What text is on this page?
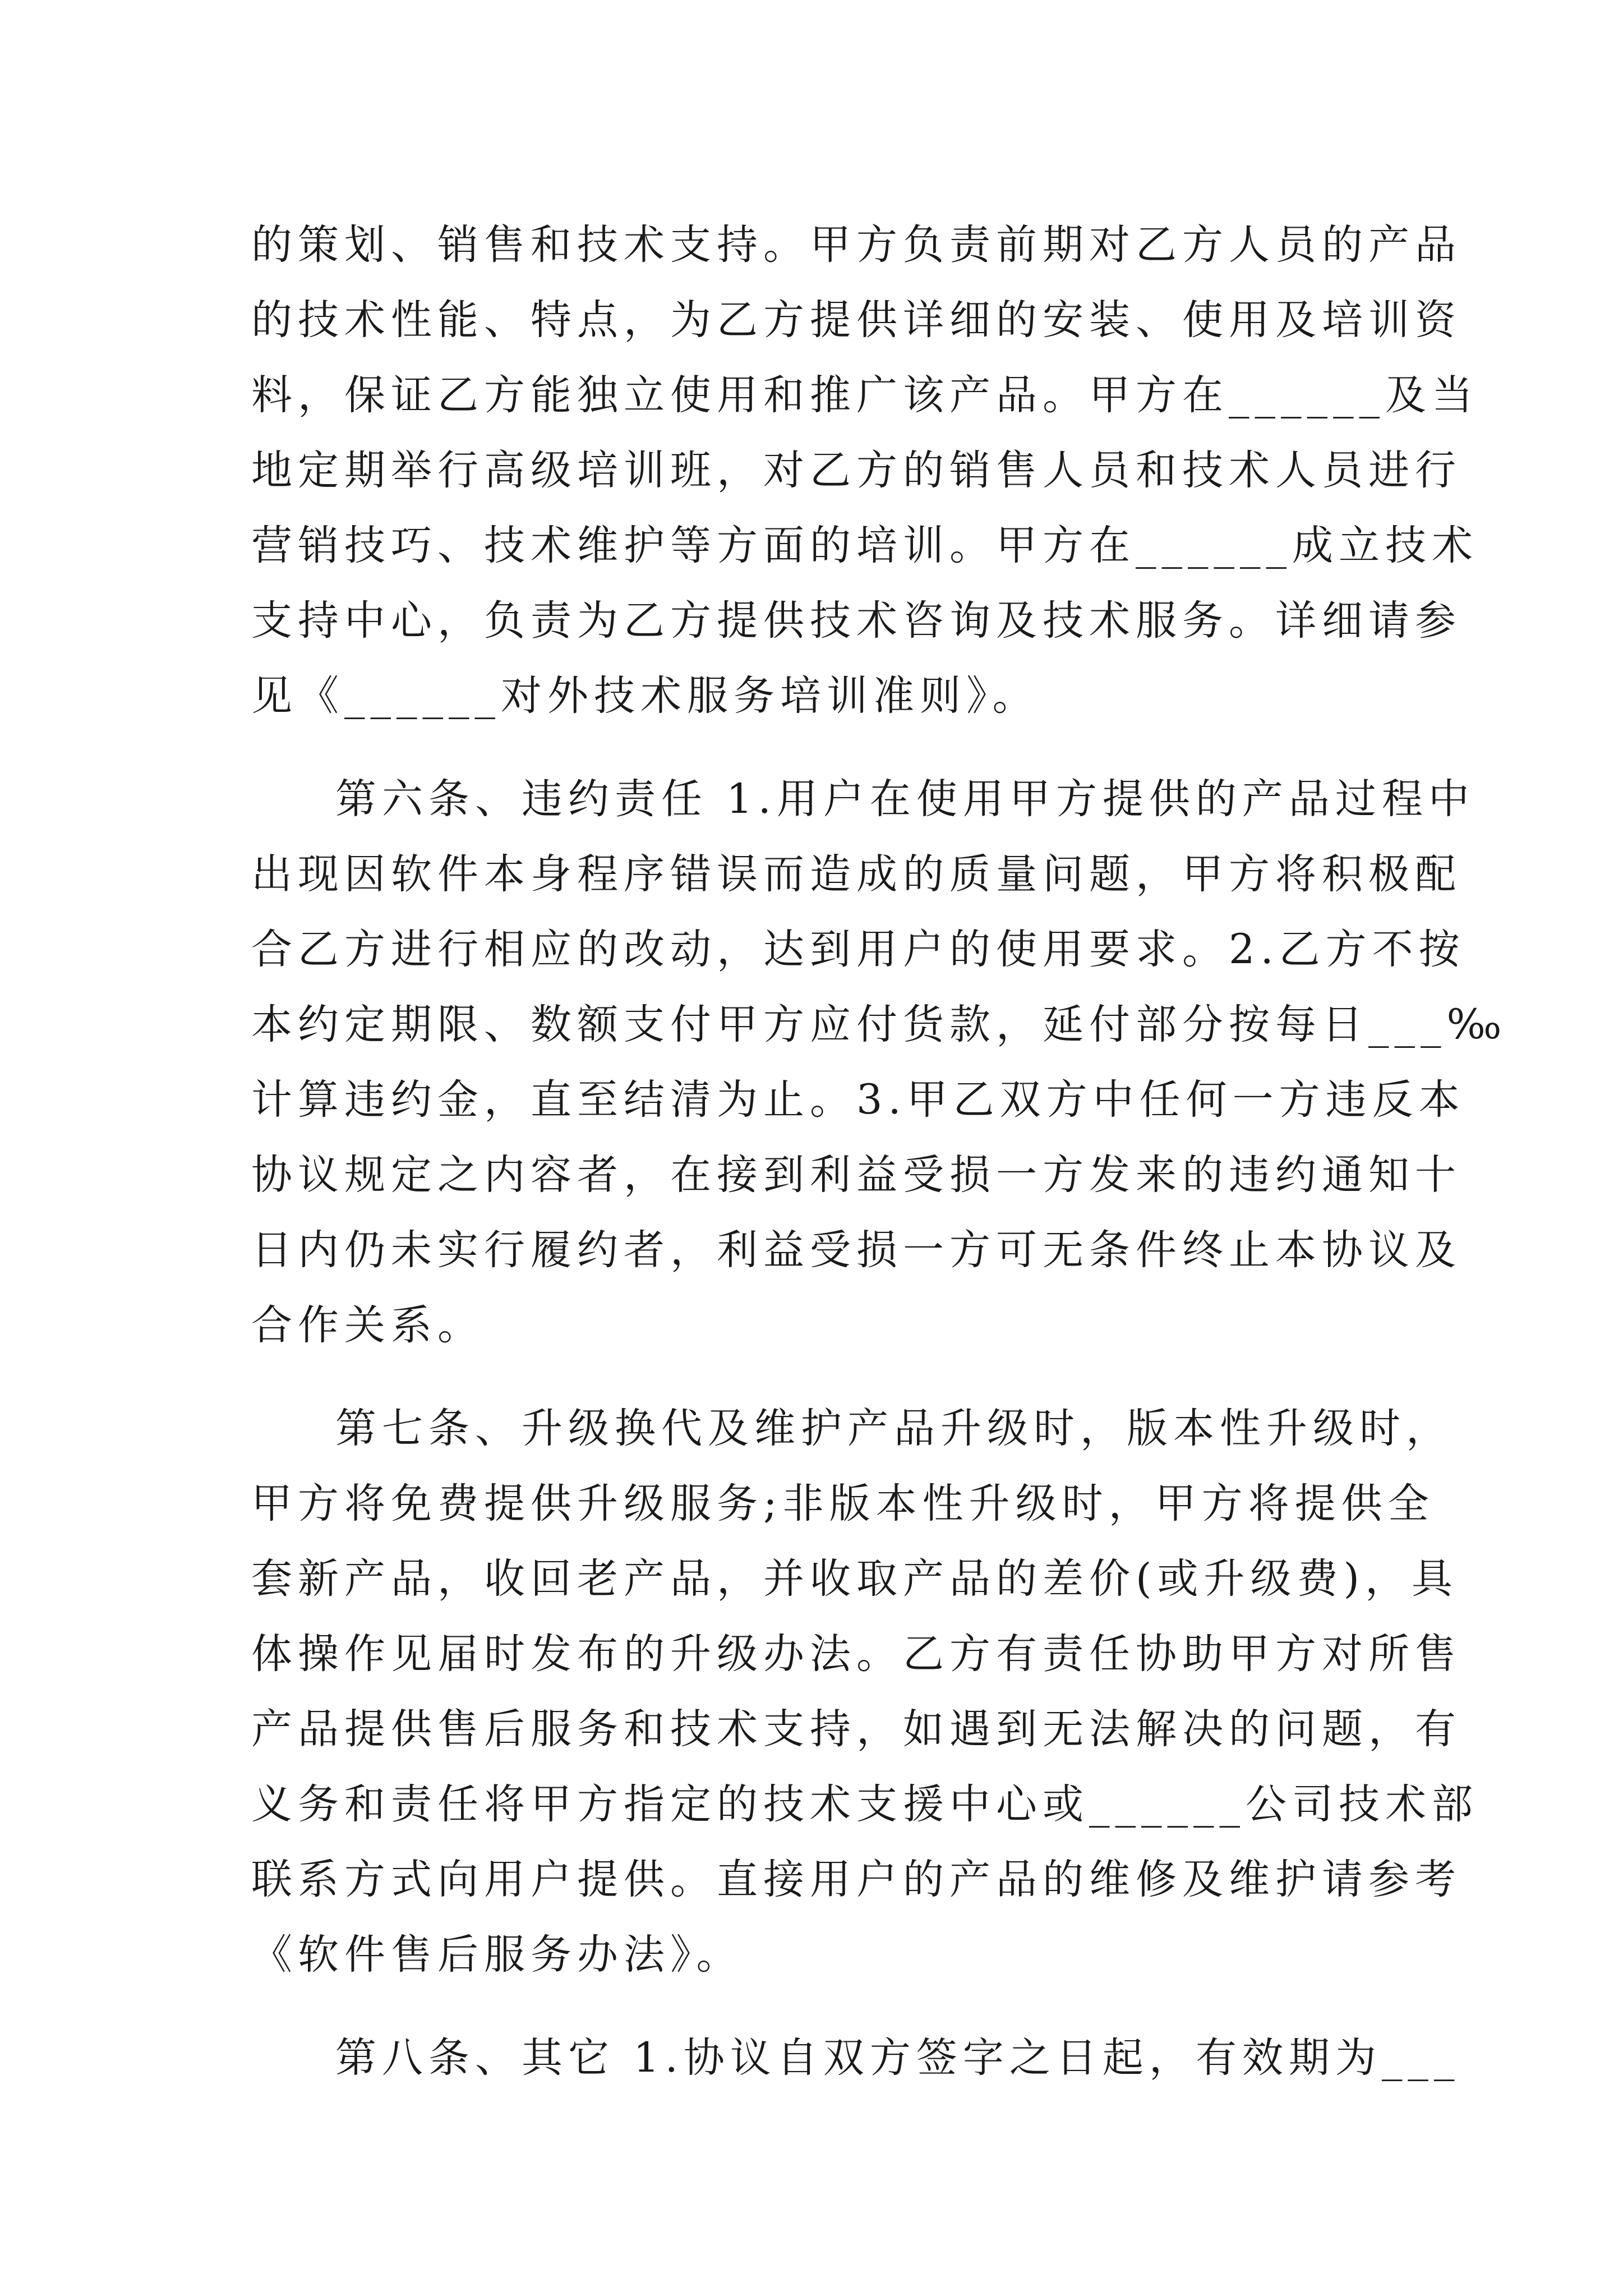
的策划、销售和技术支持。甲方负责前期对乙方人员的产品
的技术性能、特点，为乙方提供详细的安装、使用及培训资
料，保证乙方能独立使用和推广该产品。甲方在______及当
地定期举行高级培训班，对乙方的销售人员和技术人员进行
营销技巧、技术维护等方面的培训。甲方在______成立技术
支持中心，负责为乙方提供技术咨询及技术服务。详细请参
见《______对外技术服务培训准则》。
第六条、违约责任 1.用户在使用甲方提供的产品过程中
出现因软件本身程序错误而造成的质量问题，甲方将积极配
合乙方进行相应的改动，达到用户的使用要求。2.乙方不按
本约定期限、数额支付甲方应付货款，延付部分按每日___‰
计算违约金，直至结清为止。3.甲乙双方中任何一方违反本
协议规定之内容者，在接到利益受损一方发来的违约通知十
日内仍未实行履约者，利益受损一方可无条件终止本协议及
合作关系。
第七条、升级换代及维护产品升级时，版本性升级时，
甲方将免费提供升级服务;非版本性升级时，甲方将提供全
套新产品，收回老产品，并收取产品的差价(或升级费)，具
体操作见届时发布的升级办法。乙方有责任协助甲方对所售
产品提供售后服务和技术支持，如遇到无法解决的问题，有
义务和责任将甲方指定的技术支援中心或______公司技术部
联系方式向用户提供。直接用户的产品的维修及维护请参考
《软件售后服务办法》。
第八条、其它 1.协议自双方签字之日起，有效期为___
